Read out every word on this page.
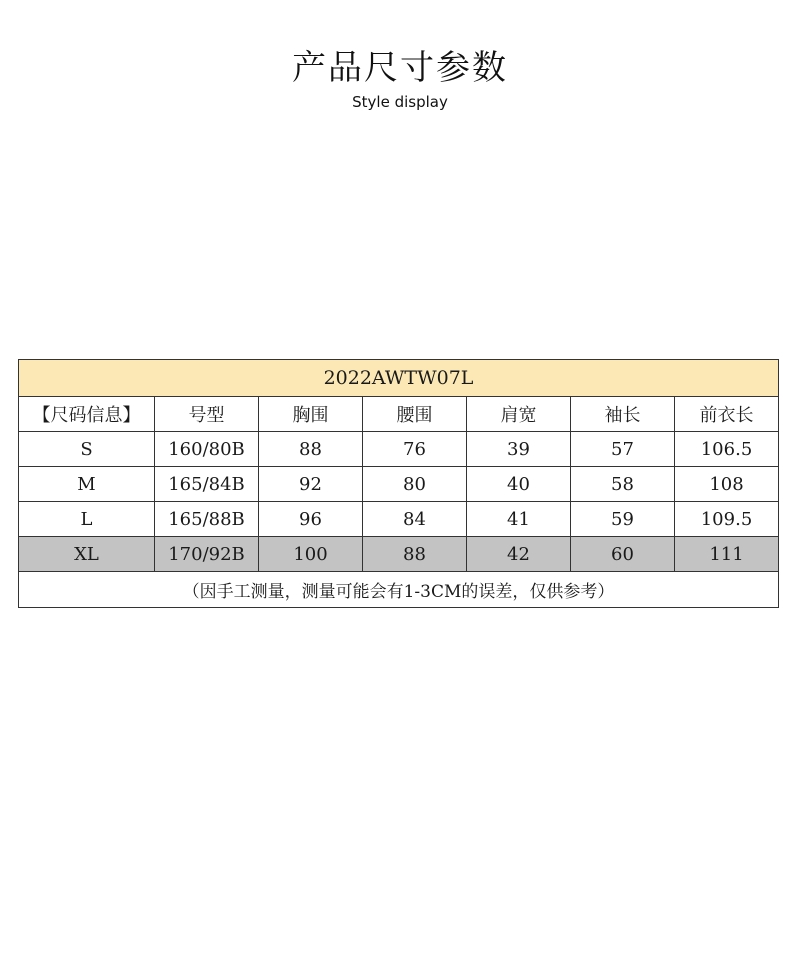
产品尺寸参数
Style display
2022AWTW07L						
【尺码信息】	号型	胸围	腰围	肩宽	袖长	前衣长
S	160/80B	88	76	39	57	106.5
M	165/84B	92	80	40	58	108
L	165/88B	96	84	41	59	109.5
XL	170/92B	100	88	42	60	111
（因手工测量，测量可能会有1-3CM的误差，仅供参考）						
